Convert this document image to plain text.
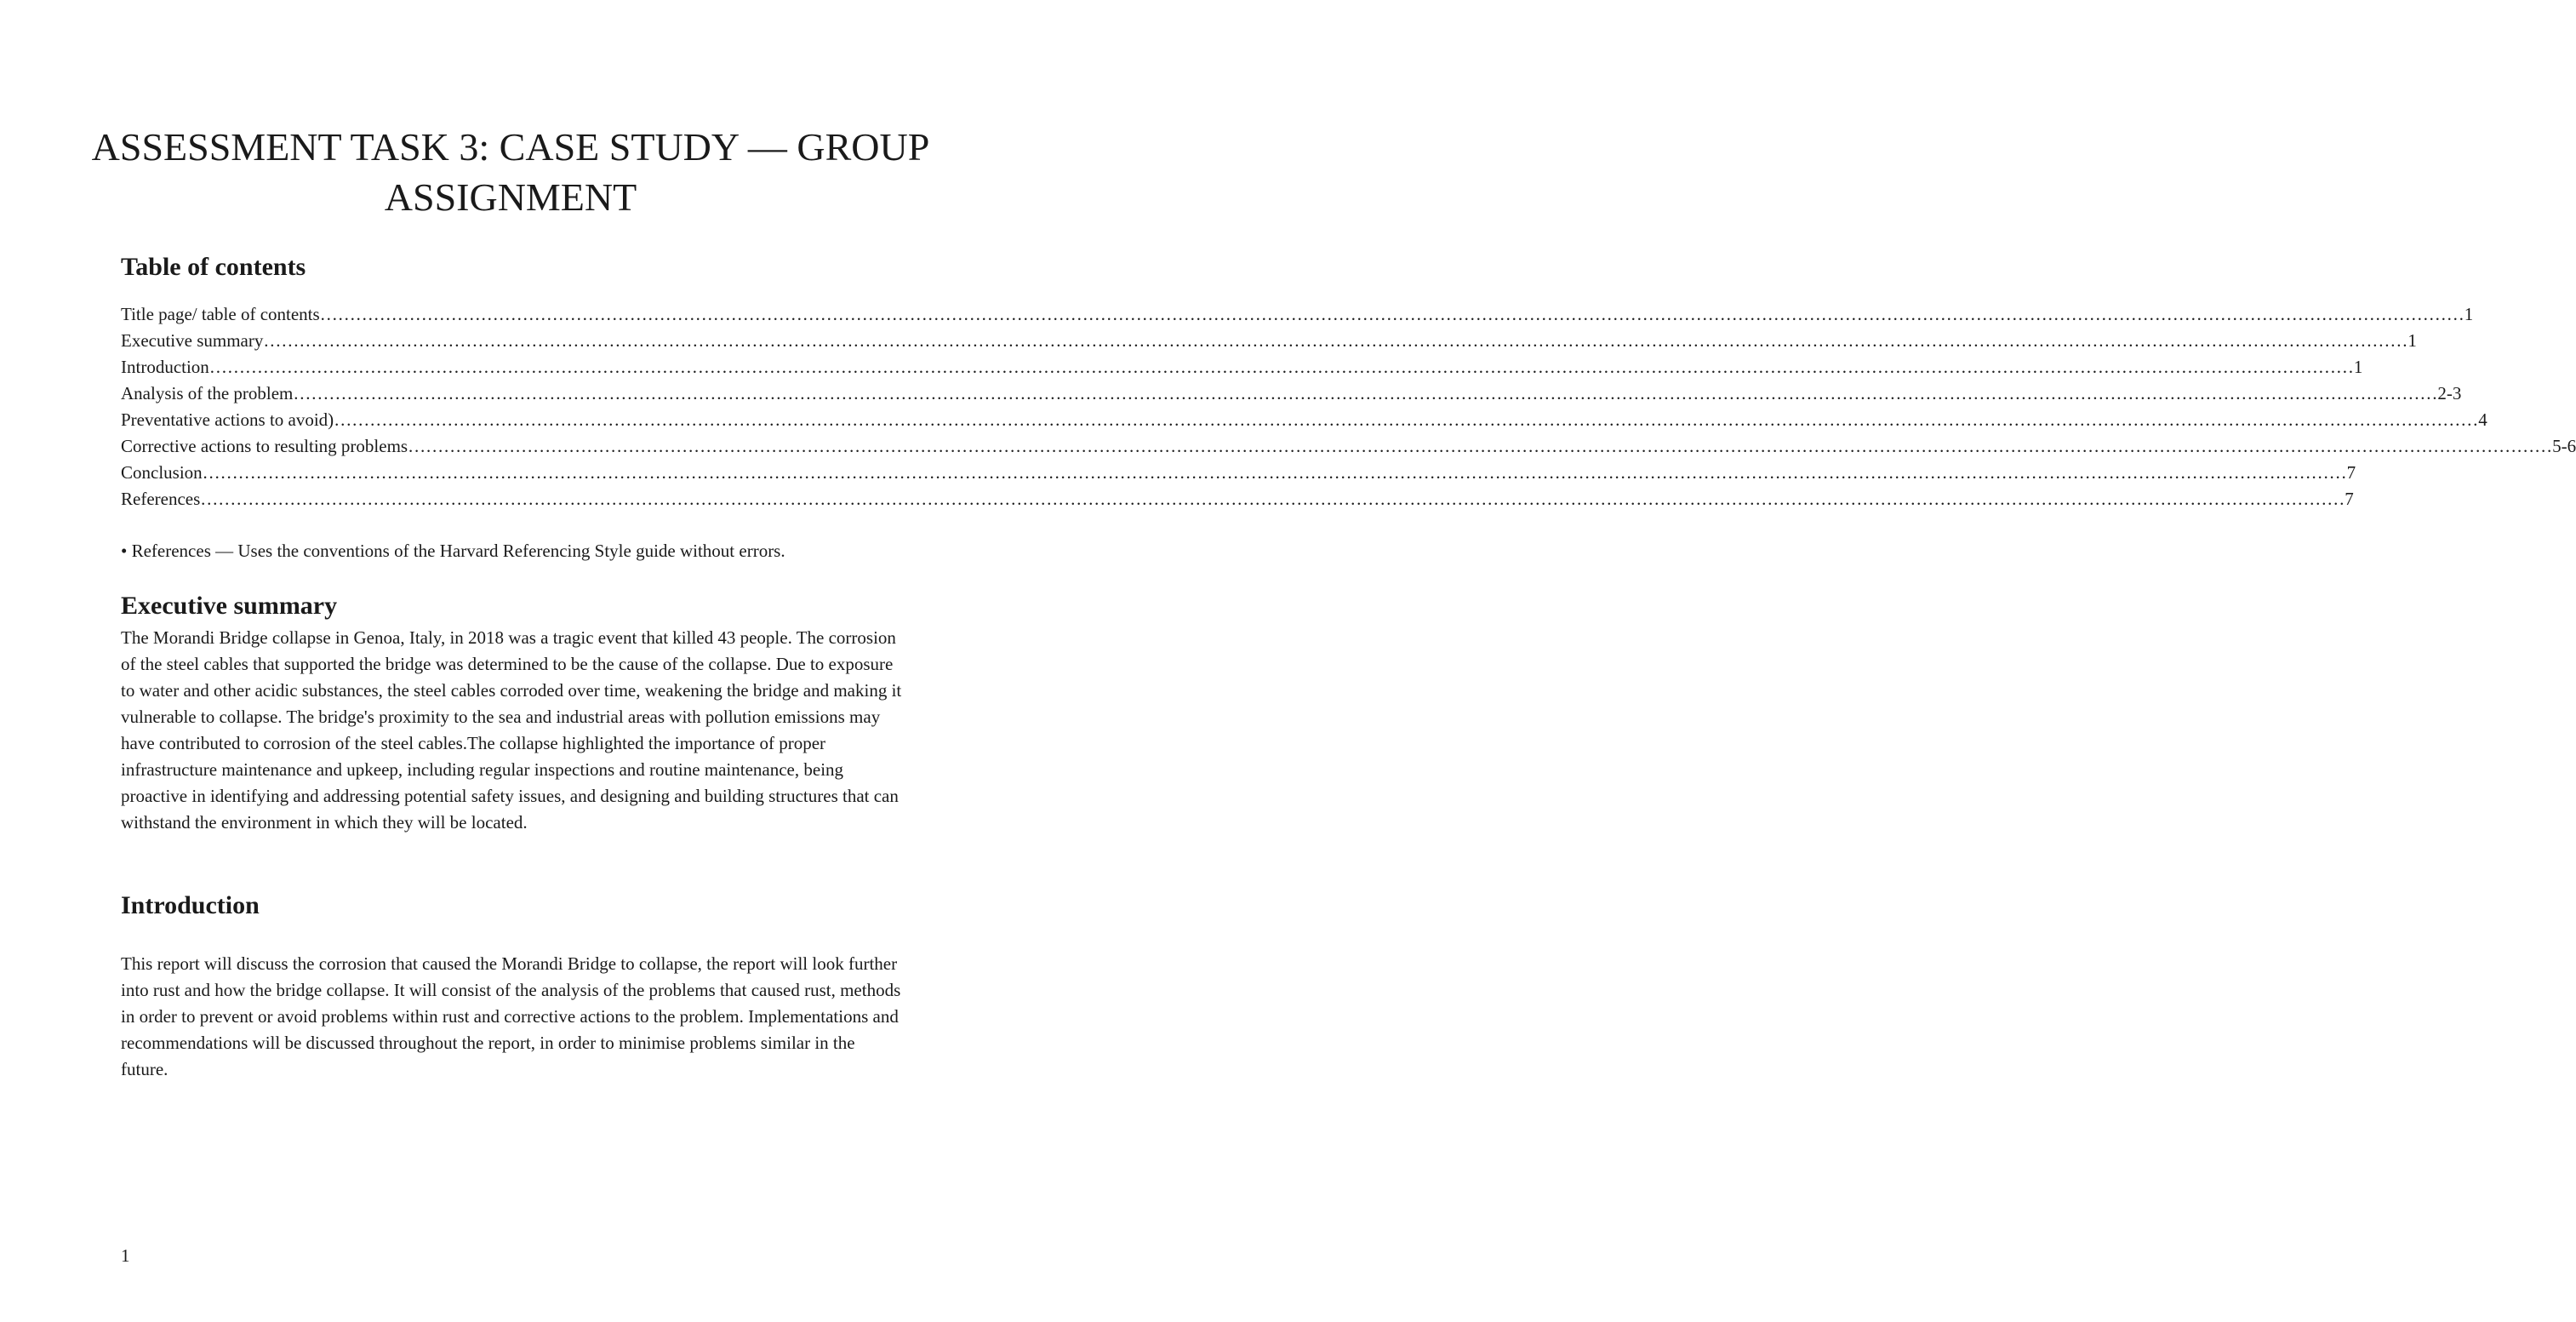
ASSESSMENT TASK 3: CASE STUDY — GROUP ASSIGNMENT
Table of contents
Title page/ table of contents ……………………………………………………………………………………………………………………………………………………………………………………………………………………………………………………………………………………………………………………………… 1
Executive summary ……………………………………………………………………………………………………………………………………………………………………………………………………………………………………………………………………………………………………………………………… 1
Introduction ……………………………………………………………………………………………………………………………………………………………………………………………………………………………………………………………………………………………………………………………… 1
Analysis of the problem ……………………………………………………………………………………………………………………………………………………………………………………………………………………………………………………………………………………………………………………………… 2-3
Preventative actions to avoid) ……………………………………………………………………………………………………………………………………………………………………………………………………………………………………………………………………………………………………………………………… 4
Corrective actions to resulting problems ……………………………………………………………………………………………………………………………………………………………………………………………………………………………………………………………………………………………………………………………… 5-6
Conclusion ……………………………………………………………………………………………………………………………………………………………………………………………………………………………………………………………………………………………………………………………… 7
References ……………………………………………………………………………………………………………………………………………………………………………………………………………………………………………………………………………………………………………………………… 7

• References — Uses the conventions of the Harvard Referencing Style guide without errors.

Executive summary

The Morandi Bridge collapse in Genoa, Italy, in 2018 was a tragic event that killed 43 people. The corrosion of the steel cables that supported the bridge was determined to be the cause of the collapse. Due to exposure to water and other acidic substances, the steel cables corroded over time, weakening the bridge and making it vulnerable to collapse. The bridge's proximity to the sea and industrial areas with pollution emissions may have contributed to corrosion of the steel cables.The collapse highlighted the importance of proper infrastructure maintenance and upkeep, including regular inspections and routine maintenance, being proactive in identifying and addressing potential safety issues, and designing and building structures that can withstand the environment in which they will be located.

Introduction

This report will discuss the corrosion that caused the Morandi Bridge to collapse, the report will look further into rust and how the bridge collapse. It will consist of the analysis of the problems that caused rust, methods in order to prevent or avoid problems within rust and corrective actions to the problem. Implementations and recommendations will be discussed throughout the report, in order to minimise problems similar in the future.

1
